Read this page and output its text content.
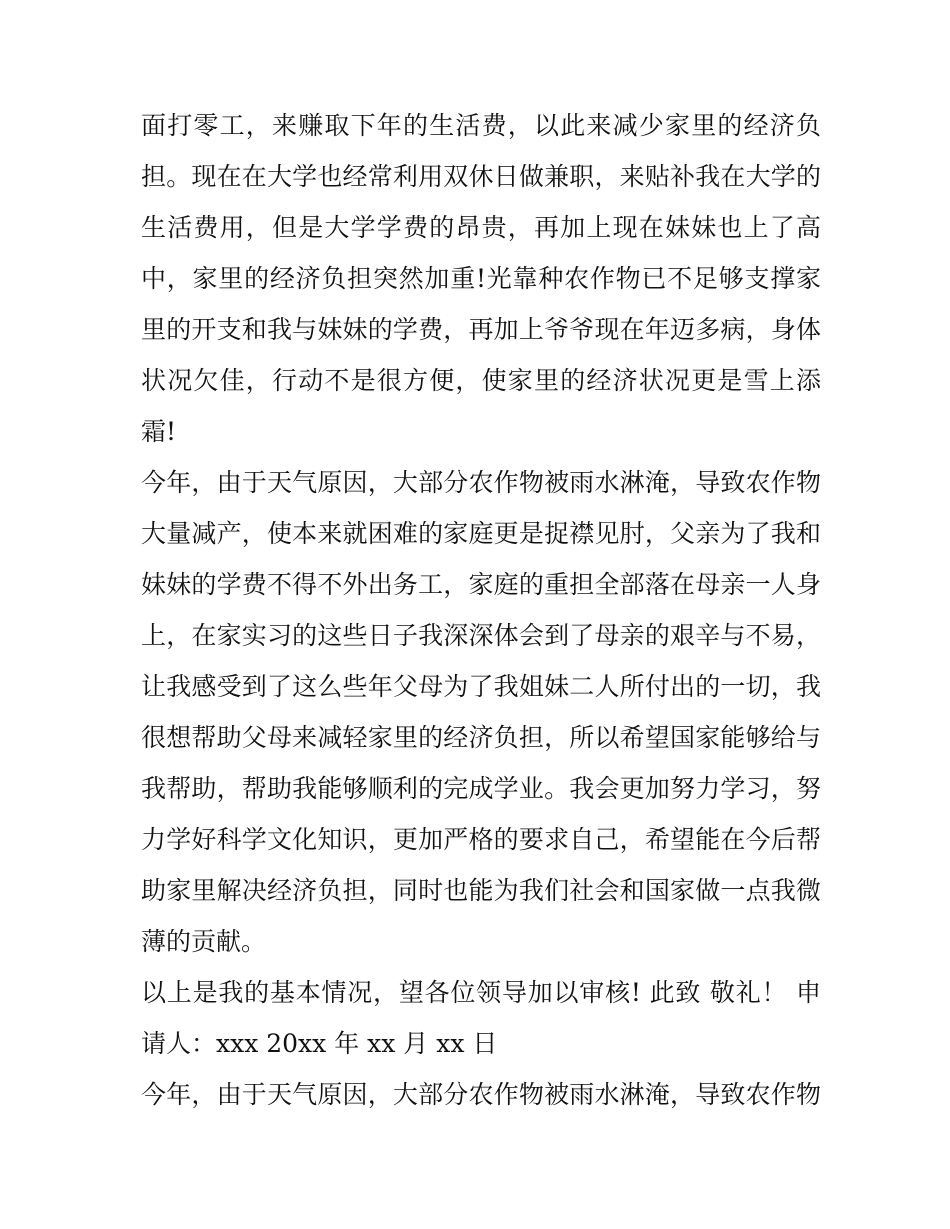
面打零工，来赚取下年的生活费，以此来减少家里的经济负
担。现在在大学也经常利用双休日做兼职，来贴补我在大学的
生活费用，但是大学学费的昂贵，再加上现在妹妹也上了高
中，家里的经济负担突然加重!光靠种农作物已不足够支撑家
里的开支和我与妹妹的学费，再加上爷爷现在年迈多病，身体
状况欠佳，行动不是很方便，使家里的经济状况更是雪上添
霜!
今年，由于天气原因，大部分农作物被雨水淋淹，导致农作物
大量减产，使本来就困难的家庭更是捉襟见肘，父亲为了我和
妹妹的学费不得不外出务工，家庭的重担全部落在母亲一人身
上，在家实习的这些日子我深深体会到了母亲的艰辛与不易，
让我感受到了这么些年父母为了我姐妹二人所付出的一切，我
很想帮助父母来减轻家里的经济负担，所以希望国家能够给与
我帮助，帮助我能够顺利的完成学业。我会更加努力学习，努
力学好科学文化知识，更加严格的要求自己，希望能在今后帮
助家里解决经济负担，同时也能为我们社会和国家做一点我微
薄的贡献。
以上是我的基本情况，望各位领导加以审核! 此致 敬礼！ 申
请人：xxx 20xx 年 xx 月 xx 日
今年，由于天气原因，大部分农作物被雨水淋淹，导致农作物
